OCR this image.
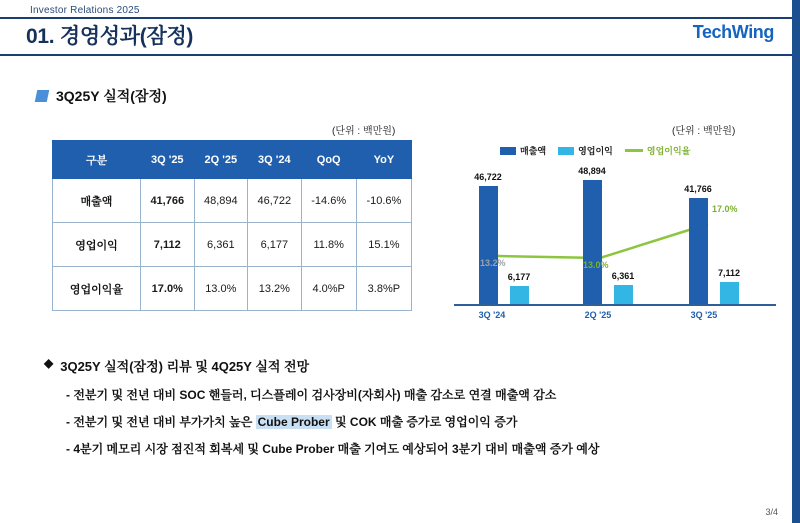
Investor Relations 2025
01. 경영성과(잠정)	TechWing
3Q25Y 실적(잠정)
(단위 : 백만원)	(단위 : 백만원)
구분	3Q '25	2Q '25	3Q '24	QoQ	YoY
매출액	41,766	48,894	46,722	-14.6%	-10.6%
영업이익	7,112	6,361	6,177	11.8%	15.1%
영업이익율	17.0%	13.0%	13.2%	4.0%P	3.8%P
매출액	영업이익	영업이익율
46,722
6,177
48,894
6,361
41,766
7,112
13.2%	13.0%
17.0%
3Q '24	2Q '25	3Q '25
◆ 3Q25Y 실적(잠정) 리뷰 및 4Q25Y 실적 전망
- 전분기 및 전년 대비 SOC 핸들러, 디스플레이 검사장비(자회사) 매출 감소로 연결 매출액 감소
- 전분기 및 전년 대비 부가가치 높은 Cube Prober 및 COK 매출 증가로 영업이익 증가
- 4분기 메모리 시장 점진적 회복세 및 Cube Prober 매출 기여도 예상되어 3분기 대비 매출액 증가 예상
3/4
